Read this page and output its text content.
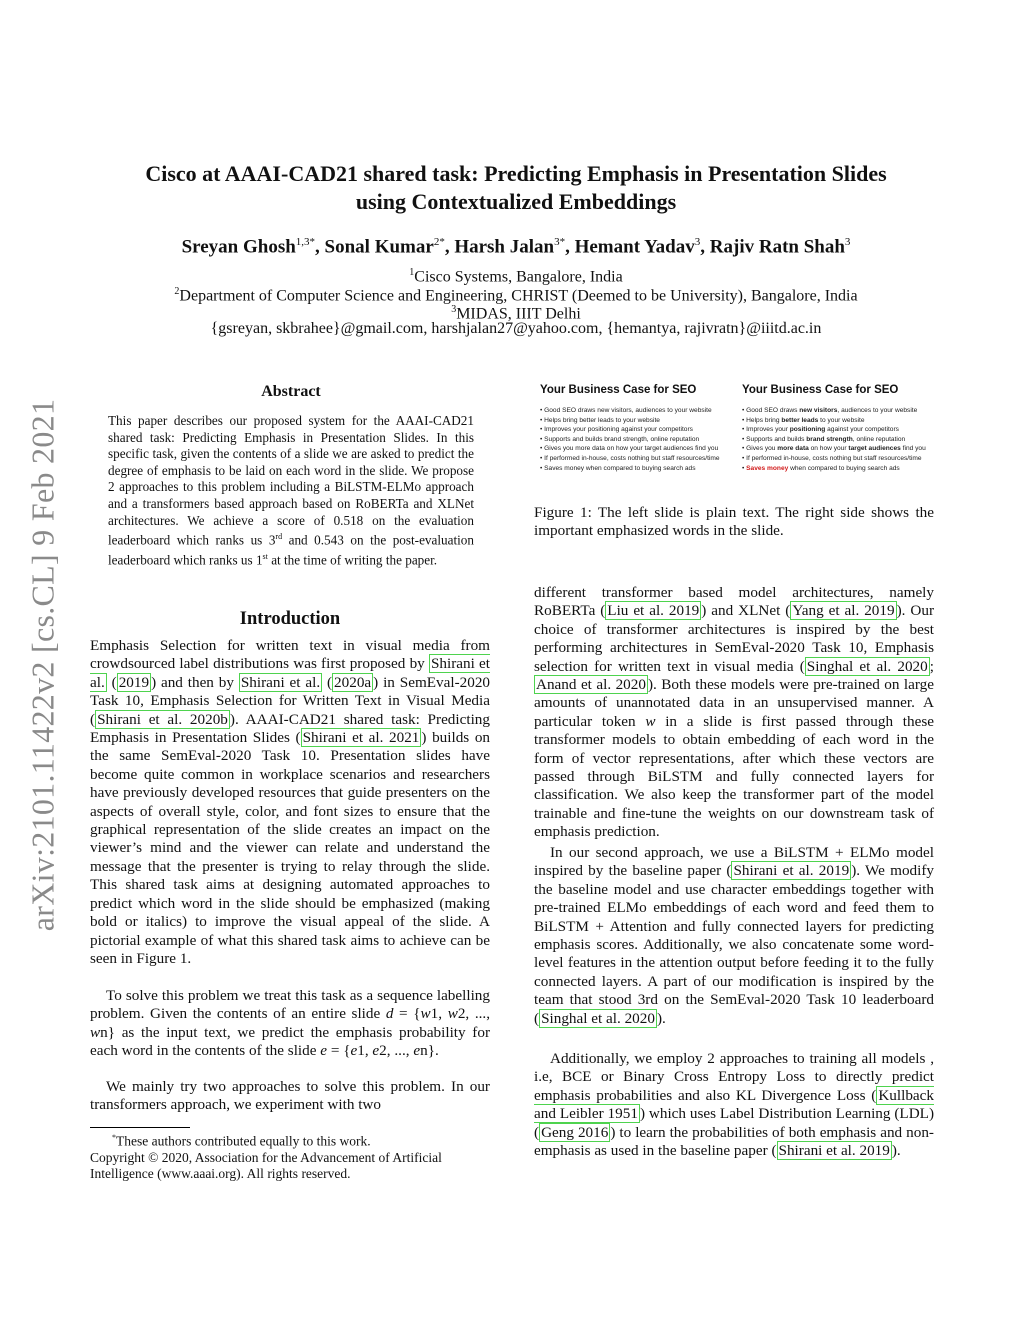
arXiv:2101.11422v2 [cs.CL] 9 Feb 2021
Cisco at AAAI-CAD21 shared task: Predicting Emphasis in Presentation Slides
using Contextualized Embeddings
Sreyan Ghosh$^{1,3*}$, Sonal Kumar$^{2*}$, Harsh Jalan$^{3*}$, Hemant Yadav$^3$, Rajiv Ratn Shah$^3$
$^1$Cisco Systems, Bangalore, India
$^2$Department of Computer Science and Engineering, CHRIST (Deemed to be University), Bangalore, India
$^3$MIDAS, IIIT Delhi
{gsreyan, skbrahee}@gmail.com, harshjalan27@yahoo.com, {hemantya, rajivratn}@iiitd.ac.in
Abstract
This paper describes our proposed system for the AAAI-CAD21 shared task: Predicting Emphasis in Presentation Slides. In this specific task, given the contents of a slide we are asked to predict the degree of emphasis to be laid on each word in the slide. We propose 2 approaches to this problem including a BiLSTM-ELMo approach and a transformers based approach based on RoBERTa and XLNet architectures. We achieve a score of 0.518 on the evaluation leaderboard which ranks us 3rd and 0.543 on the post-evaluation leaderboard which ranks us 1st at the time of writing the paper.
Introduction
Emphasis Selection for written text in visual media from crowdsourced label distributions was first proposed by Shirani et al. ( 2019 ) and then by Shirani et al. ( 2020a ) in SemEval-2020 Task 10, Emphasis Selection for Written Text in Visual Media ( Shirani et al. 2020b ). AAAI-CAD21 shared task: Predicting Emphasis in Presentation Slides ( Shirani et al. 2021 ) builds on the same SemEval-2020 Task 10. Presentation slides have become quite common in workplace scenarios and researchers have previously developed resources that guide presenters on the aspects of overall style, color, and font sizes to ensure that the graphical representation of the slide creates an impact on the viewer’s mind and the viewer can relate and understand the message that the presenter is trying to relay through the slide. This shared task aims at designing automated approaches to predict which word in the slide should be emphasized (making bold or italics) to improve the visual appeal of the slide. A pictorial example of what this shared task aims to achieve can be seen in Figure 1.
To solve this problem we treat this task as a sequence labelling problem. Given the contents of an entire slide d = {w1, w2, ..., wn} as the input text, we predict the emphasis probability for each word in the contents of the slide e = {e1, e2, ..., en}.
We mainly try two approaches to solve this problem. In our transformers approach, we experiment with two
*These authors contributed equally to this work.
Copyright © 2020, Association for the Advancement of Artificial Intelligence (www.aaai.org). All rights reserved.
Your Business Case for SEO
• Good SEO draws new visitors, audiences to your website
• Helps bring better leads to your website
• Improves your positioning against your competitors
• Supports and builds brand strength, online reputation
• Gives you more data on how your target audiences find you
• If performed in-house, costs nothing but staff resources/time
• Saves money when compared to buying search ads
Your Business Case for SEO
• Good SEO draws new visitors, audiences to your website
• Helps bring better leads to your website
• Improves your positioning against your competitors
• Supports and builds brand strength, online reputation
• Gives you more data on how your target audiences find you
• If performed in-house, costs nothing but staff resources/time
• Saves money when compared to buying search ads
Figure 1: The left slide is plain text. The right side shows the important emphasized words in the slide.
different transformer based model architectures, namely RoBERTa ( Liu et al. 2019 ) and XLNet ( Yang et al. 2019 ). Our choice of transformer architectures is inspired by the best performing architectures in SemEval-2020 Task 10, Emphasis selection for written text in visual media ( Singhal et al. 2020 ; Anand et al. 2020 ). Both these models were pre-trained on large amounts of unannotated data in an unsupervised manner. A particular token w in a slide is first passed through these transformer models to obtain embedding of each word in the form of vector representations, after which these vectors are passed through BiLSTM and fully connected layers for classification. We also keep the transformer part of the model trainable and fine-tune the weights on our downstream task of emphasis prediction.
In our second approach, we use a BiLSTM + ELMo model inspired by the baseline paper ( Shirani et al. 2019 ). We modify the baseline model and use character embeddings together with pre-trained ELMo embeddings of each word and feed them to BiLSTM + Attention and fully connected layers for predicting emphasis scores. Additionally, we also concatenate some word-level features in the attention output before feeding it to the fully connected layers. A part of our modification is inspired by the team that stood 3rd on the SemEval-2020 Task 10 leaderboard ( Singhal et al. 2020 ).
Additionally, we employ 2 approaches to training all models , i.e, BCE or Binary Cross Entropy Loss to directly predict emphasis probabilities and also KL Divergence Loss ( Kullback and Leibler 1951 ) which uses Label Distribution Learning (LDL) ( Geng 2016 ) to learn the probabilities of both emphasis and non-emphasis as used in the baseline paper ( Shirani et al. 2019 ).
